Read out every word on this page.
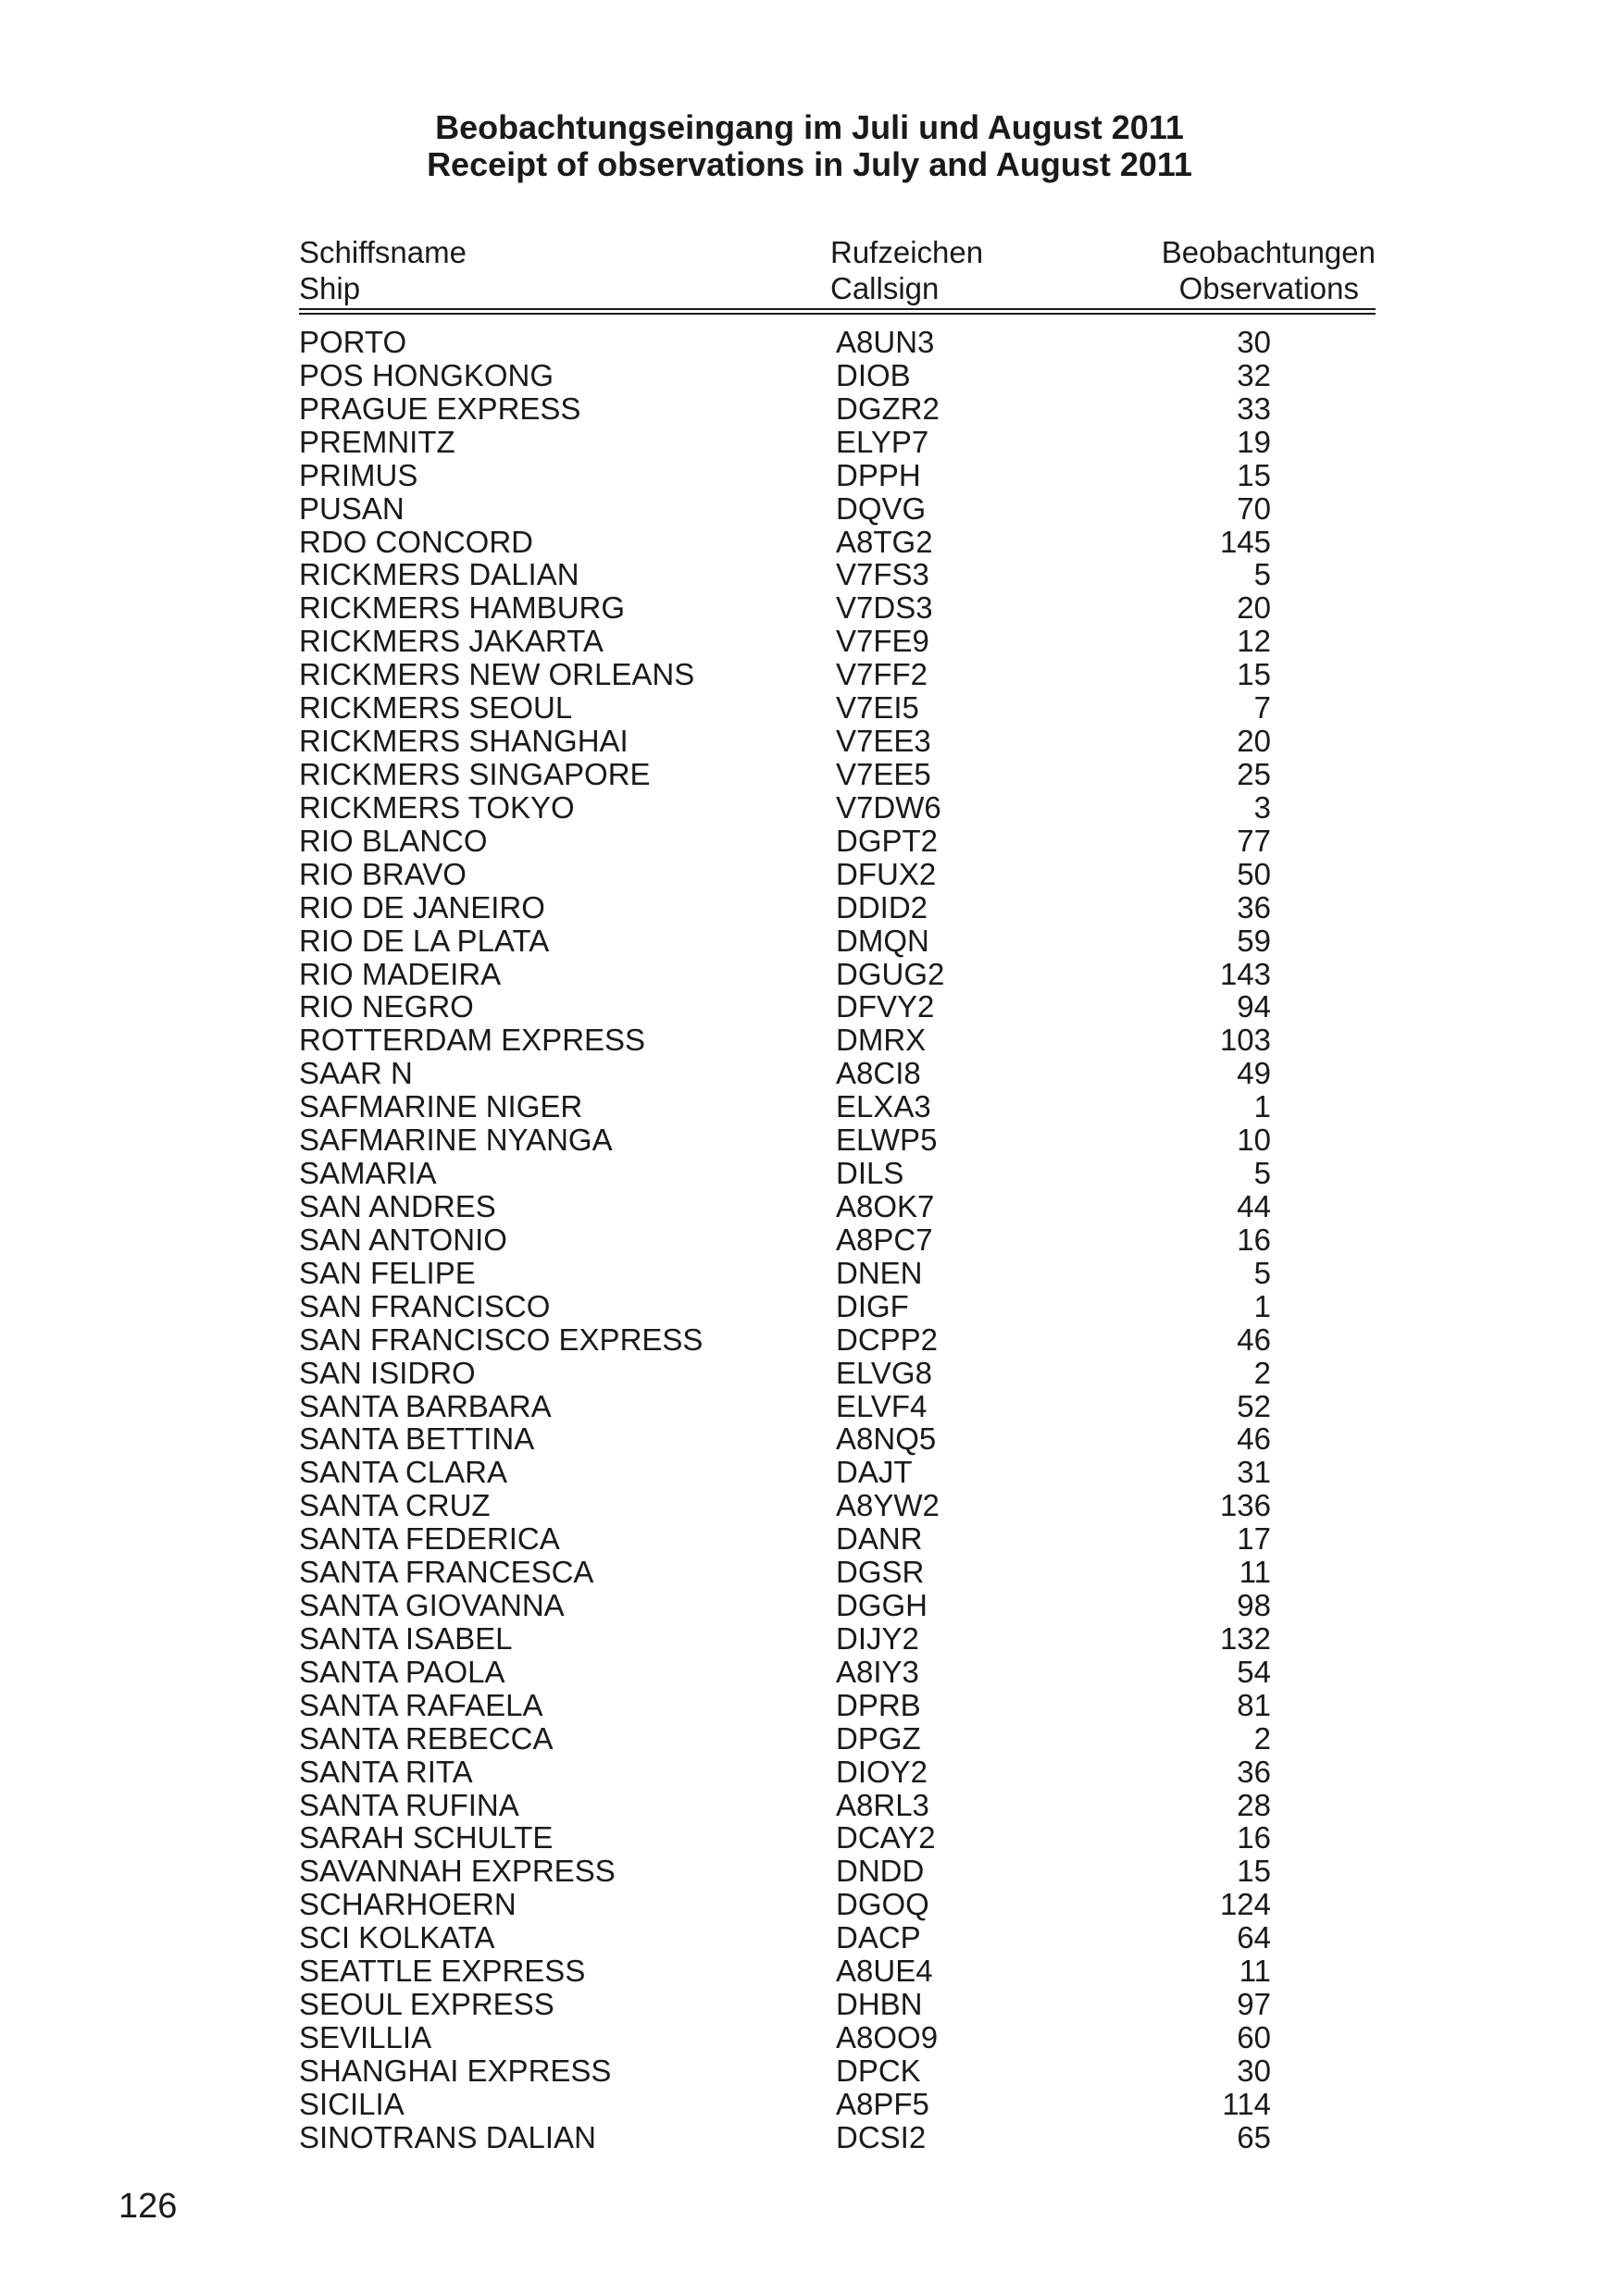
Beobachtungseingang im Juli und August 2011
Receipt of observations in July and August 2011
Schiffsname
Ship
Rufzeichen
Callsign
Beobachtungen
Observations
PORTO	A8UN3	30
POS HONGKONG	DIOB	32
PRAGUE EXPRESS	DGZR2	33
PREMNITZ	ELYP7	19
PRIMUS	DPPH	15
PUSAN	DQVG	70
RDO CONCORD	A8TG2	145
RICKMERS DALIAN	V7FS3	5
RICKMERS HAMBURG	V7DS3	20
RICKMERS JAKARTA	V7FE9	12
RICKMERS NEW ORLEANS	V7FF2	15
RICKMERS SEOUL	V7EI5	7
RICKMERS SHANGHAI	V7EE3	20
RICKMERS SINGAPORE	V7EE5	25
RICKMERS TOKYO	V7DW6	3
RIO BLANCO	DGPT2	77
RIO BRAVO	DFUX2	50
RIO DE JANEIRO	DDID2	36
RIO DE LA PLATA	DMQN	59
RIO MADEIRA	DGUG2	143
RIO NEGRO	DFVY2	94
ROTTERDAM EXPRESS	DMRX	103
SAAR N	A8CI8	49
SAFMARINE NIGER	ELXA3	1
SAFMARINE NYANGA	ELWP5	10
SAMARIA	DILS	5
SAN ANDRES	A8OK7	44
SAN ANTONIO	A8PC7	16
SAN FELIPE	DNEN	5
SAN FRANCISCO	DIGF	1
SAN FRANCISCO EXPRESS	DCPP2	46
SAN ISIDRO	ELVG8	2
SANTA BARBARA	ELVF4	52
SANTA BETTINA	A8NQ5	46
SANTA CLARA	DAJT	31
SANTA CRUZ	A8YW2	136
SANTA FEDERICA	DANR	17
SANTA FRANCESCA	DGSR	11
SANTA GIOVANNA	DGGH	98
SANTA ISABEL	DIJY2	132
SANTA PAOLA	A8IY3	54
SANTA RAFAELA	DPRB	81
SANTA REBECCA	DPGZ	2
SANTA RITA	DIOY2	36
SANTA RUFINA	A8RL3	28
SARAH SCHULTE	DCAY2	16
SAVANNAH EXPRESS	DNDD	15
SCHARHOERN	DGOQ	124
SCI KOLKATA	DACP	64
SEATTLE EXPRESS	A8UE4	11
SEOUL EXPRESS	DHBN	97
SEVILLIA	A8OO9	60
SHANGHAI EXPRESS	DPCK	30
SICILIA	A8PF5	114
SINOTRANS DALIAN	DCSI2	65
126
